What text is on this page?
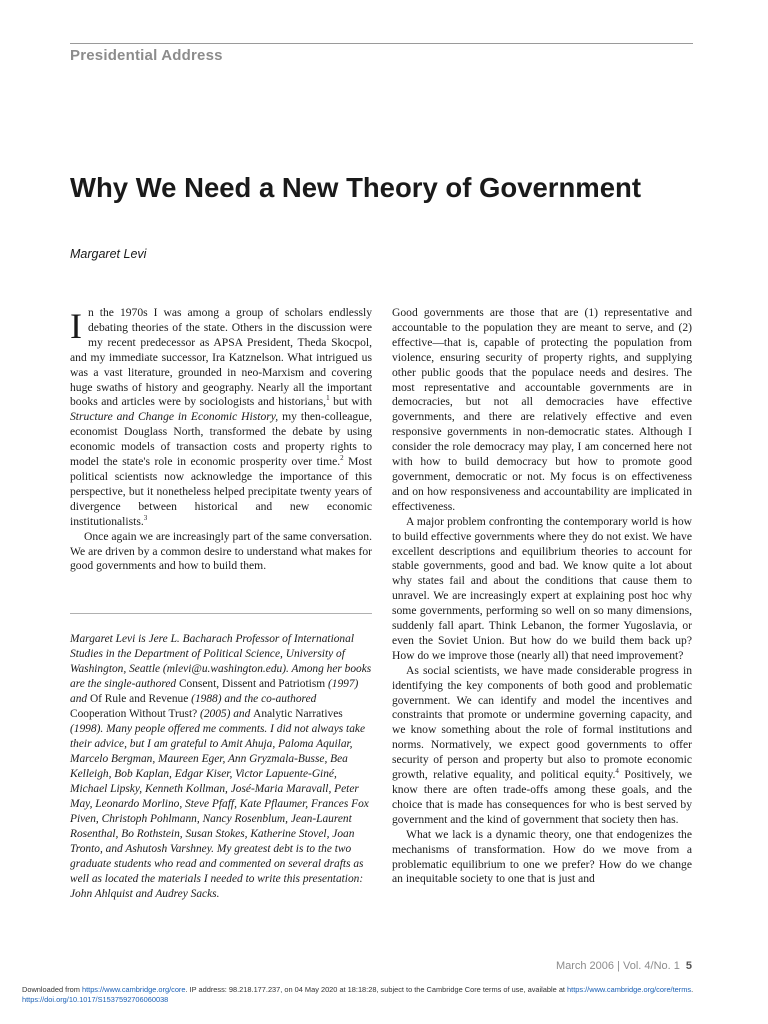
Presidential Address
Why We Need a New Theory of Government
Margaret Levi
I n the 1970s I was among a group of scholars endlessly debating theories of the state. Others in the discussion were my recent predecessor as APSA President, Theda Skocpol, and my immediate successor, Ira Katznelson. What intrigued us was a vast literature, grounded in neo-Marxism and covering huge swaths of history and geography. Nearly all the important books and articles were by sociologists and historians,$^1$ but with Structure and Change in Economic History, my then-colleague, economist Douglass North, transformed the debate by using economic models of transaction costs and property rights to model the state's role in economic prosperity over time.$^2$ Most political scientists now acknowledge the importance of this perspective, but it nonetheless helped precipitate twenty years of divergence between historical and new economic institutionalists.$^3$

Once again we are increasingly part of the same conversation. We are driven by a common desire to understand what makes for good governments and how to build them.

Good governments are those that are (1) representative and accountable to the population they are meant to serve, and (2) effective—that is, capable of protecting the population from violence, ensuring security of property rights, and supplying other public goods that the populace needs and desires. The most representative and accountable governments are in democracies, but not all democracies have effective governments, and there are relatively effective and even responsive governments in non-democratic states. Although I consider the role democracy may play, I am concerned here not with how to build democracy but how to promote good government, democratic or not. My focus is on effectiveness and on how responsiveness and accountability are implicated in effectiveness.

A major problem confronting the contemporary world is how to build effective governments where they do not exist. We have excellent descriptions and equilibrium theories to account for stable governments, good and bad. We know quite a lot about why states fail and about the conditions that cause them to unravel. We are increasingly expert at explaining post hoc why some governments, performing so well on so many dimensions, suddenly fall apart. Think Lebanon, the former Yugoslavia, or even the Soviet Union. But how do we build them back up? How do we improve those (nearly all) that need improvement?

As social scientists, we have made considerable progress in identifying the key components of both good and problematic government. We can identify and model the incentives and constraints that promote or undermine governing capacity, and we know something about the role of formal institutions and norms. Normatively, we expect good governments to offer security of person and property but also to promote economic growth, relative equality, and political equity.$^4$ Positively, we know there are often trade-offs among these goals, and the choice that is made has consequences for who is best served by government and the kind of government that society then has.

What we lack is a dynamic theory, one that endogenizes the mechanisms of transformation. How do we move from a problematic equilibrium to one we prefer? How do we change an inequitable society to one that is just and

Margaret Levi is Jere L. Bacharach Professor of International Studies in the Department of Political Science, University of Washington, Seattle (mlevi@u.washington.edu). Among her books are the single-authored Consent, Dissent and Patriotism (1997) and Of Rule and Revenue (1988) and the co-authored Cooperation Without Trust? (2005) and Analytic Narratives (1998). Many people offered me comments. I did not always take their advice, but I am grateful to Amit Ahuja, Paloma Aquilar, Marcelo Bergman, Maureen Eger, Ann Gryzmala-Busse, Bea Kelleigh, Bob Kaplan, Edgar Kiser, Victor Lapuente-Giné, Michael Lipsky, Kenneth Kollman, José-Maria Maravall, Peter May, Leonardo Morlino, Steve Pfaff, Kate Pflaumer, Frances Fox Piven, Christoph Pohlmann, Nancy Rosenblum, Jean-Laurent Rosenthal, Bo Rothstein, Susan Stokes, Katherine Stovel, Joan Tronto, and Ashutosh Varshney. My greatest debt is to the two graduate students who read and commented on several drafts as well as located the materials I needed to write this presentation: John Ahlquist and Audrey Sacks.
March 2006 | Vol. 4/No. 1 5
Downloaded from https://www.cambridge.org/core. IP address: 98.218.177.237, on 04 May 2020 at 18:18:28, subject to the Cambridge Core terms of use, available at https://www.cambridge.org/core/terms. https://doi.org/10.1017/S1537592706060038
